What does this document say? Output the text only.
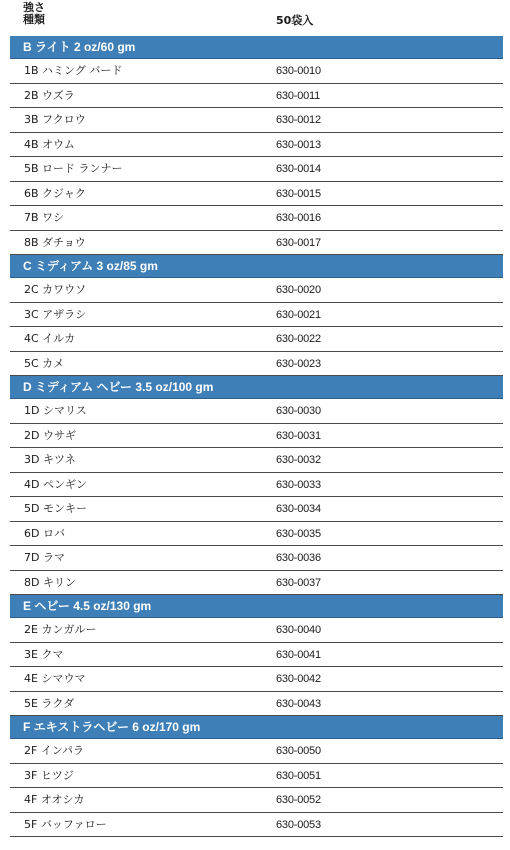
強さ
種類	50袋入
B ライト 2 oz/60 gm
1B ハミング バード	630-0010
2B ウズラ	630-0011
3B フクロウ	630-0012
4B オウム	630-0013
5B ロード ランナー	630-0014
6B クジャク	630-0015
7B ワシ	630-0016
8B ダチョウ	630-0017
C ミディアム 3 oz/85 gm
2C カワウソ	630-0020
3C アザラシ	630-0021
4C イルカ	630-0022
5C カメ	630-0023
D ミディアム ヘビー 3.5 oz/100 gm
1D シマリス	630-0030
2D ウサギ	630-0031
3D キツネ	630-0032
4D ペンギン	630-0033
5D モンキー	630-0034
6D ロバ	630-0035
7D ラマ	630-0036
8D キリン	630-0037
E ヘビー 4.5 oz/130 gm
2E カンガルー	630-0040
3E クマ	630-0041
4E シマウマ	630-0042
5E ラクダ	630-0043
F エキストラヘビー 6 oz/170 gm
2F インパラ	630-0050
3F ヒツジ	630-0051
4F オオシカ	630-0052
5F バッファロー	630-0053
